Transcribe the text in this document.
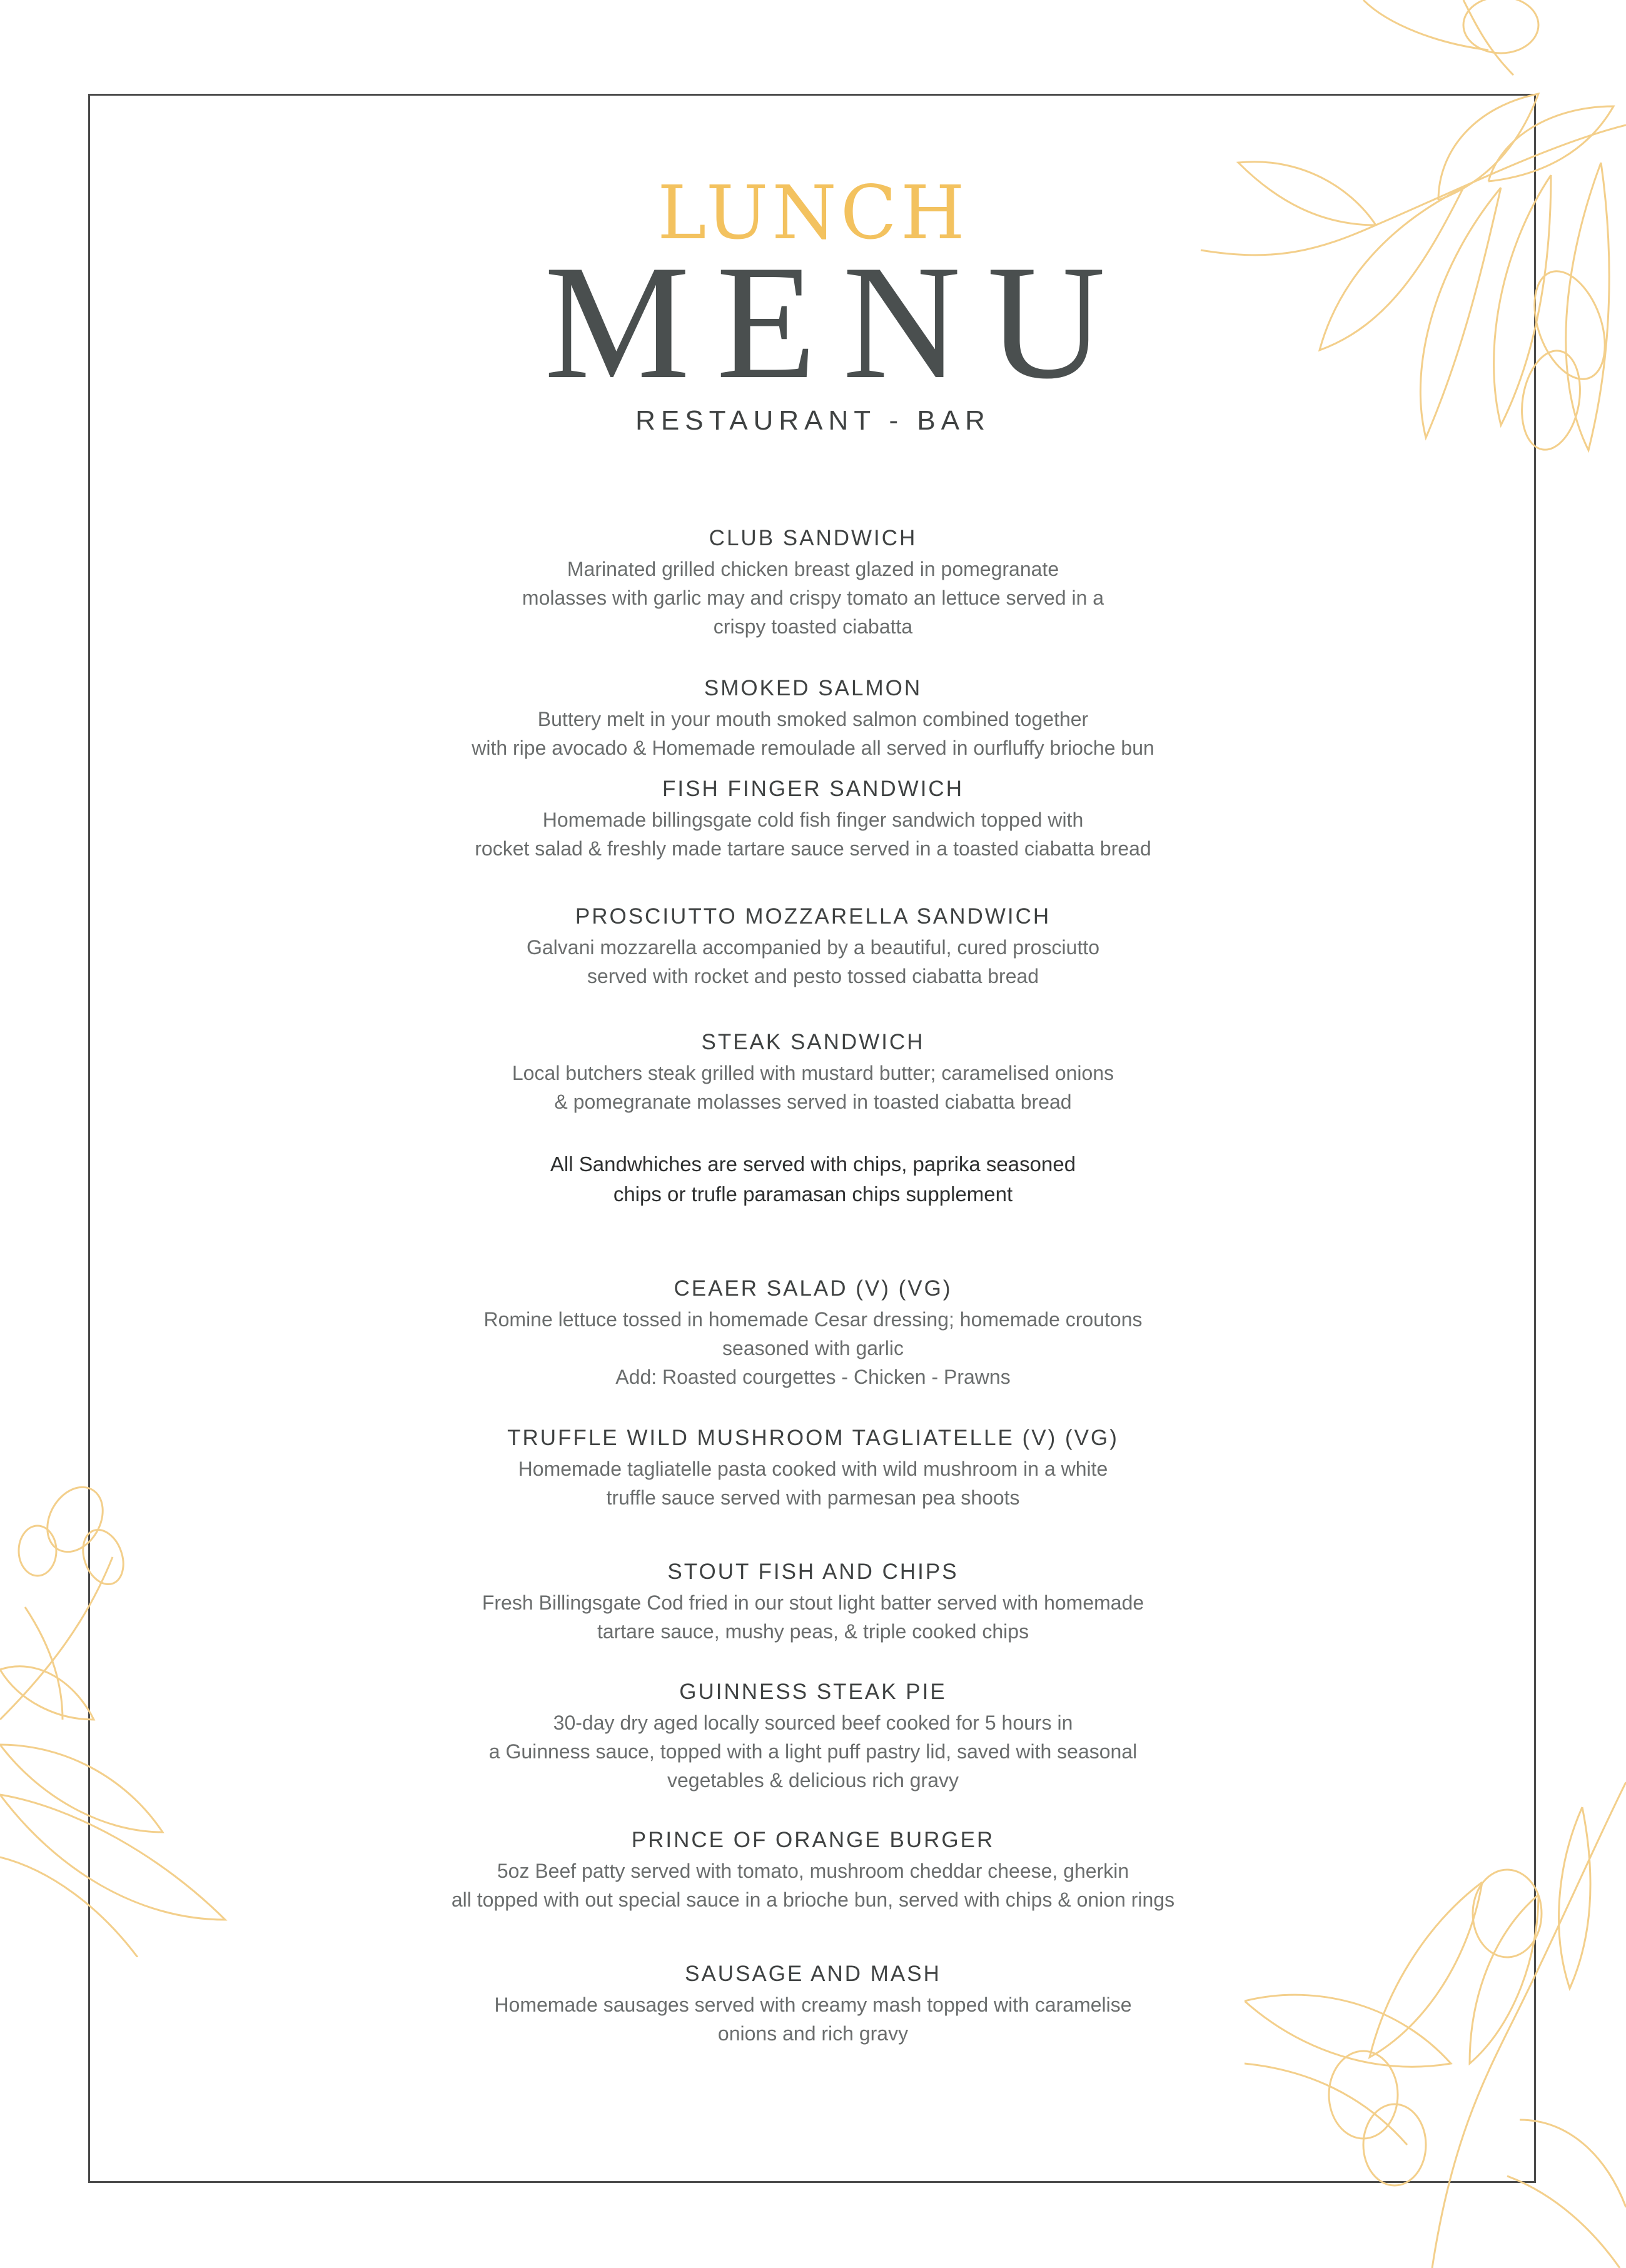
LUNCH
MENU
RESTAURANT - BAR
CLUB SANDWICH
Marinated grilled chicken breast glazed in pomegranate
molasses with garlic may and crispy tomato an lettuce served in a
crispy toasted ciabatta
SMOKED SALMON
Buttery melt in your mouth smoked salmon combined together
with ripe avocado & Homemade remoulade all served in ourfluffy brioche bun
FISH FINGER SANDWICH
Homemade billingsgate cold fish finger sandwich topped with
rocket salad & freshly made tartare sauce served in a toasted ciabatta bread
PROSCIUTTO MOZZARELLA SANDWICH
Galvani mozzarella accompanied by a beautiful, cured prosciutto
served with rocket and pesto tossed ciabatta bread
STEAK SANDWICH
Local butchers steak grilled with mustard butter; caramelised onions
& pomegranate molasses served in toasted ciabatta bread
All Sandwhiches are served with chips, paprika seasoned
chips or trufle paramasan chips supplement
CEAER SALAD (V) (VG)
Romine lettuce tossed in homemade Cesar dressing; homemade croutons
seasoned with garlic
Add: Roasted courgettes - Chicken - Prawns
TRUFFLE WILD MUSHROOM TAGLIATELLE (V) (VG)
Homemade tagliatelle pasta cooked with wild mushroom in a white
truffle sauce served with parmesan pea shoots
STOUT FISH AND CHIPS
Fresh Billingsgate Cod fried in our stout light batter served with homemade
tartare sauce, mushy peas, & triple cooked chips
GUINNESS STEAK PIE
30-day dry aged locally sourced beef cooked for 5 hours in
a Guinness sauce, topped with a light puff pastry lid, saved with seasonal
vegetables & delicious rich gravy
PRINCE OF ORANGE BURGER
5oz Beef patty served with tomato, mushroom cheddar cheese, gherkin
all topped with out special sauce in a brioche bun, served with chips & onion rings
SAUSAGE AND MASH
Homemade sausages served with creamy mash topped with caramelise
onions and rich gravy
